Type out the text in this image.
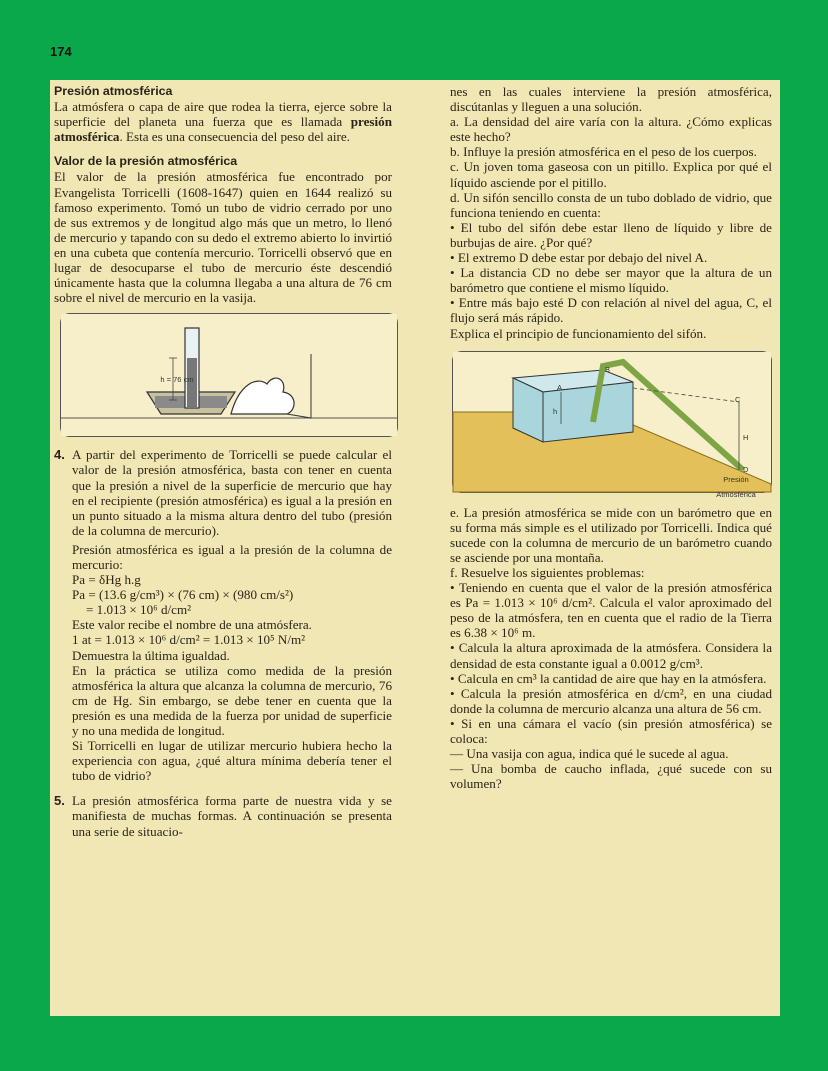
174

Presión atmosférica

La atmósfera o capa de aire que rodea la tierra, ejerce sobre la superficie del planeta una fuerza que es llamada presión atmosférica. Esta es una consecuencia del peso del aire.

Valor de la presión atmosférica

El valor de la presión atmosférica fue encontrado por Evangelista Torricelli (1608-1647) quien en 1644 realizó su famoso experimento. Tomó un tubo de vidrio cerrado por uno de sus extremos y de longitud algo más que un metro, lo llenó de mercurio y tapando con su dedo el extremo abierto lo invirtió en una cubeta que contenía mercurio. Torricelli observó que en lugar de desocuparse el tubo de mercurio éste descendió únicamente hasta que la columna llegaba a una altura de 76 cm sobre el nivel de mercurio en la vasija.

h = 76 cm
4. A partir del experimento de Torricelli se puede calcular el valor de la presión atmosférica, basta con tener en cuenta que la presión a nivel de la superficie de mercurio que hay en el recipiente (presión atmosférica) es igual a la presión en un punto situado a la misma altura dentro del tubo (presión de la columna de mercurio).

Presión atmosférica es igual a la presión de la columna de mercurio:

Pa = δHg h.g

Pa = (13.6 g/cm³) × (76 cm) × (980 cm/s²)

= 1.013 × 10⁶ d/cm²

Este valor recibe el nombre de una atmósfera.

1 at = 1.013 × 10⁶ d/cm² = 1.013 × 10⁵ N/m²

Demuestra la última igualdad.

En la práctica se utiliza como medida de la presión atmosférica la altura que alcanza la columna de mercurio, 76 cm de Hg. Sin embargo, se debe tener en cuenta que la presión es una medida de la fuerza por unidad de superficie y no una medida de longitud.

Si Torricelli en lugar de utilizar mercurio hubiera hecho la experiencia con agua, ¿qué altura mínima debería tener el tubo de vidrio?

5. La presión atmosférica forma parte de nuestra vida y se manifiesta de muchas formas. A continuación se presenta una serie de situacio-

nes en las cuales interviene la presión atmosférica, discútanlas y lleguen a una solución.

a. La densidad del aire varía con la altura. ¿Cómo explicas este hecho?

b. Influye la presión atmosférica en el peso de los cuerpos.

c. Un joven toma gaseosa con un pitillo. Explica por qué el líquido asciende por el pitillo.

d. Un sifón sencillo consta de un tubo doblado de vidrio, que funciona teniendo en cuenta:

• El tubo del sifón debe estar lleno de líquido y libre de burbujas de aire. ¿Por qué?

• El extremo D debe estar por debajo del nivel A.

• La distancia CD no debe ser mayor que la altura de un barómetro que contiene el mismo líquido.

• Entre más bajo esté D con relación al nivel del agua, C, el flujo será más rápido.

Explica el principio de funcionamiento del sifón.

A
B
C
H
h
D
Presión Atmosférica

e. La presión atmosférica se mide con un barómetro que en su forma más simple es el utilizado por Torricelli. Indica qué sucede con la columna de mercurio de un barómetro cuando se asciende por una montaña.

f. Resuelve los siguientes problemas:

• Teniendo en cuenta que el valor de la presión atmosférica es Pa = 1.013 × 10⁶ d/cm². Calcula el valor aproximado del peso de la atmósfera, ten en cuenta que el radio de la Tierra es 6.38 × 10⁶ m.

• Calcula la altura aproximada de la atmósfera. Considera la densidad de esta constante igual a 0.0012 g/cm³.

• Calcula en cm³ la cantidad de aire que hay en la atmósfera.

• Calcula la presión atmosférica en d/cm², en una ciudad donde la columna de mercurio alcanza una altura de 56 cm.

• Si en una cámara el vacío (sin presión atmosférica) se coloca:

— Una vasija con agua, indica qué le sucede al agua.

— Una bomba de caucho inflada, ¿qué sucede con su volumen?
